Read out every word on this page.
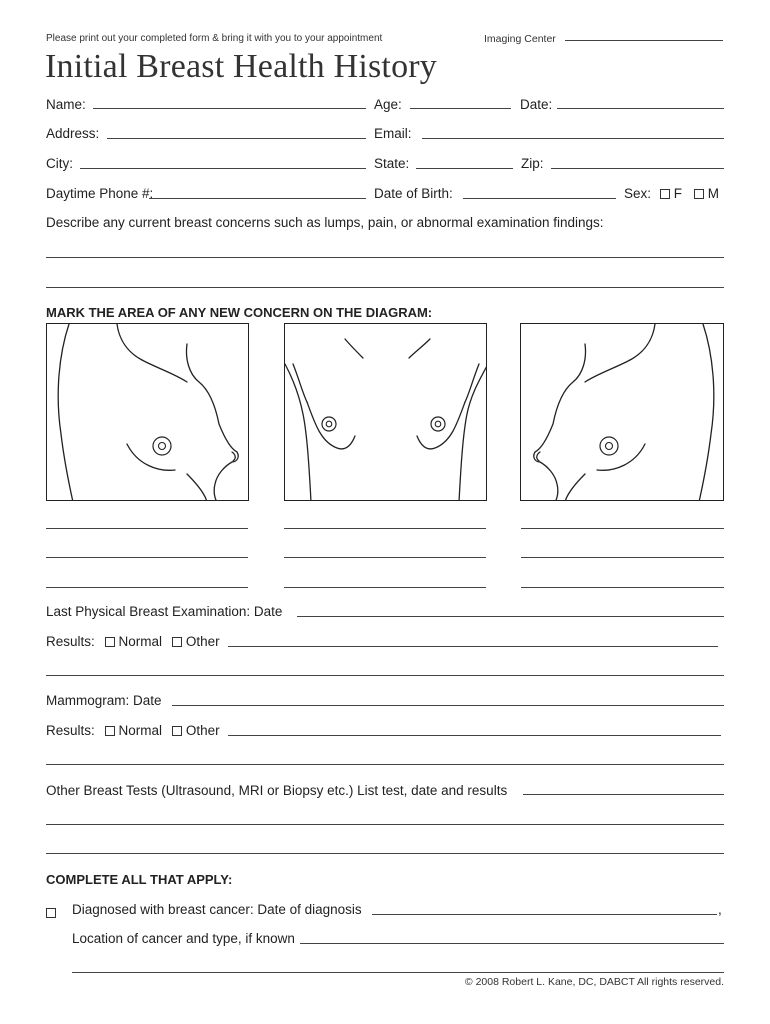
Please print out your completed form & bring it with you to your appointment	Imaging Center
Initial Breast Health History
Name:	Age:	Date:
Address:	Email:
City:	State:	Zip:
Daytime Phone #:	Date of Birth:	Sex: F M
Describe any current breast concerns such as lumps, pain, or abnormal examination findings:
MARK THE AREA OF ANY NEW CONCERN ON THE DIAGRAM:
Last Physical Breast Examination: Date
Results: Normal Other
Mammogram: Date
Results: Normal Other
Other Breast Tests (Ultrasound, MRI or Biopsy etc.) List test, date and results
COMPLETE ALL THAT APPLY:
Diagnosed with breast cancer: Date of diagnosis	,
Location of cancer and type, if known
© 2008 Robert L. Kane, DC, DABCT All rights reserved.
